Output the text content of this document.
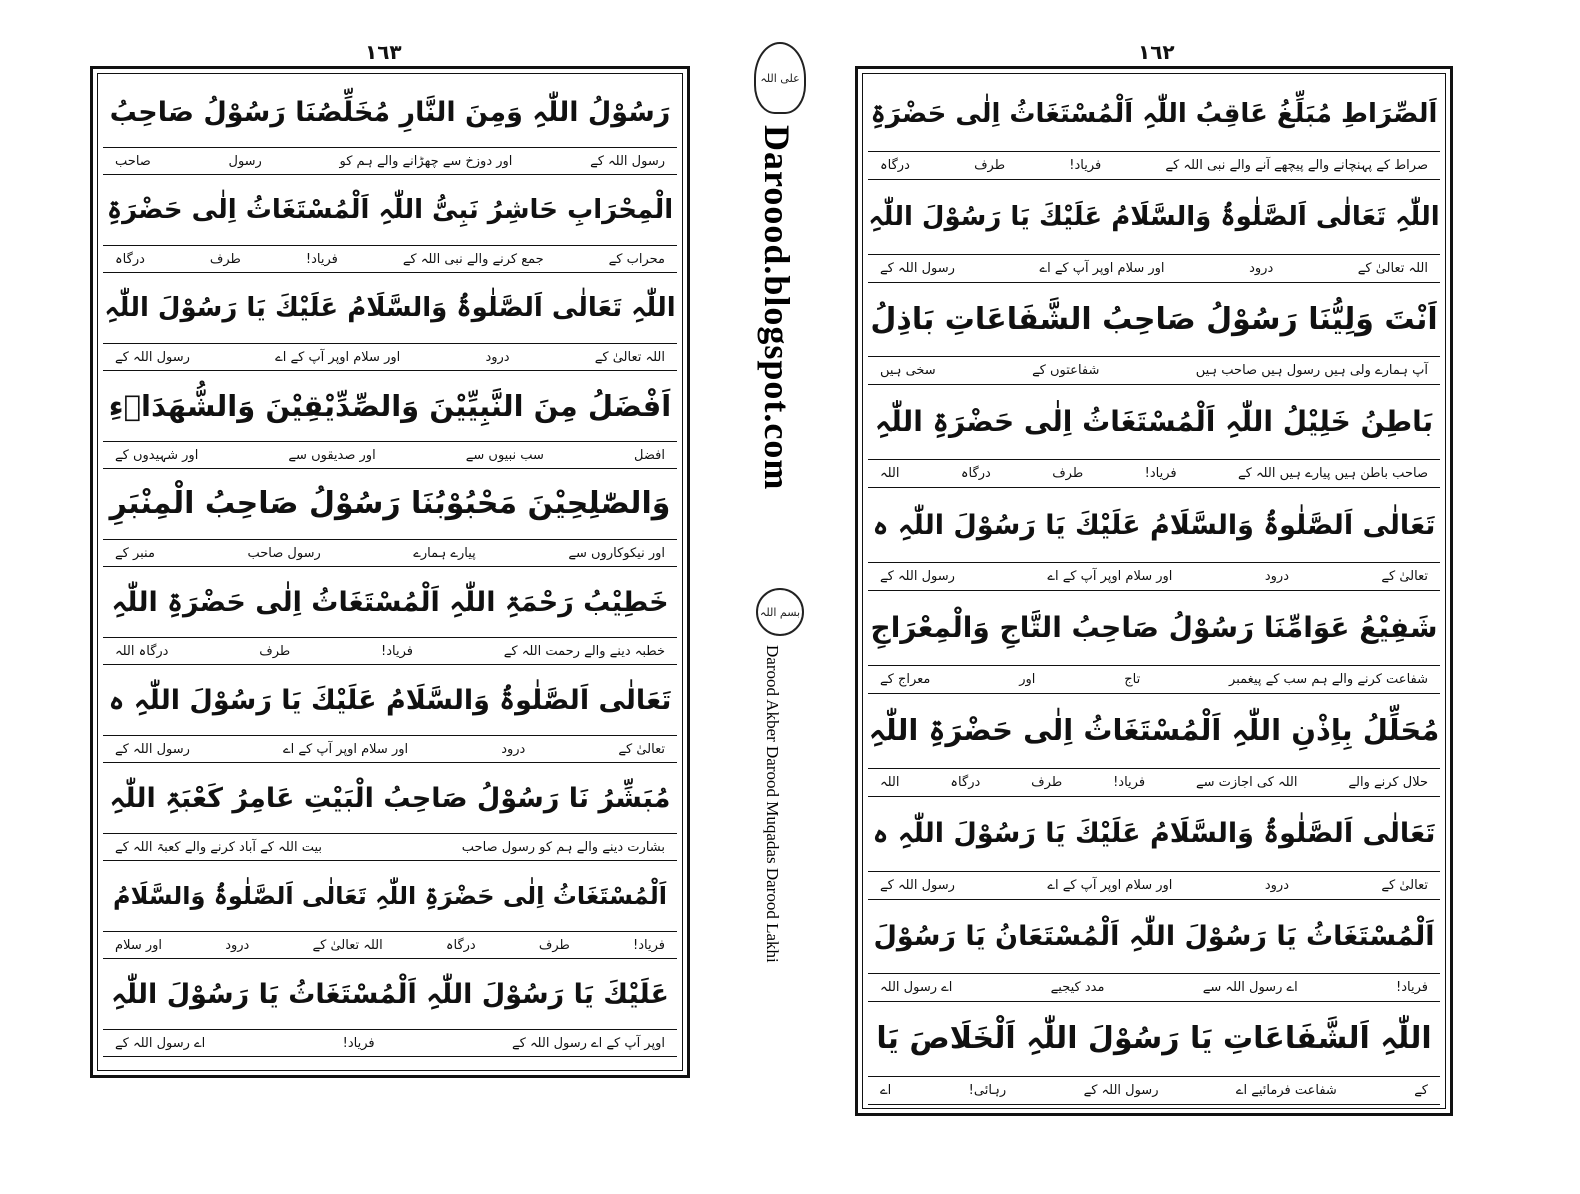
١٦٣
رَسُوْلُ اللّٰہِ وَمِنَ النَّارِ مُخَلِّصُنَا رَسُوْلُ صَاحِبُ
رسول اللہ کے
اور دوزخ سے چھڑانے والے ہم کو
رسول
صاحب
الْمِحْرَابِ حَاشِرُ نَبِیُّ اللّٰہِ اَلْمُسْتَغَاثُ اِلٰی حَضْرَۃِ
محراب کے
جمع کرنے والے نبی اللہ کے
فریاد!
طرف
درگاہ
اللّٰہِ تَعَالٰی اَلصَّلٰوۃُ وَالسَّلَامُ عَلَیْكَ یَا رَسُوْلَ اللّٰہِ
اللہ تعالیٰ کے
درود
اور سلام اوپر آپ کے اے
رسول اللہ کے
اَفْضَلُ مِنَ النَّبِیِّیْنَ وَالصِّدِّیْقِیْنَ وَالشُّهَدَاۗءِ
افضل
سب نبیوں سے
اور صدیقوں سے
اور شہیدوں کے
وَالصّٰلِحِیْنَ مَحْبُوْبُنَا رَسُوْلُ صَاحِبُ الْمِنْبَرِ
اور نیکوکاروں سے
پیارے ہمارے
رسول صاحب
منبر کے
خَطِیْبُ رَحْمَۃِ اللّٰہِ اَلْمُسْتَغَاثُ اِلٰی حَضْرَۃِ اللّٰہِ
خطبہ دینے والے رحمت اللہ کے
فریاد!
طرف
درگاہ اللہ
تَعَالٰی اَلصَّلٰوۃُ وَالسَّلَامُ عَلَیْكَ یَا رَسُوْلَ اللّٰہِ ہ
تعالیٰ کے
درود
اور سلام اوپر آپ کے اے
رسول اللہ کے
مُبَشِّرُ نَا رَسُوْلُ صَاحِبُ الْبَیْتِ عَامِرُ كَعْبَۃِ اللّٰہِ
بشارت دینے والے ہم کو رسول صاحب
بیت اللہ کے آباد کرنے والے کعبۃ اللہ کے
اَلْمُسْتَغَاثُ اِلٰی حَضْرَۃِ اللّٰہِ تَعَالٰی اَلصَّلٰوۃُ وَالسَّلَامُ
فریاد!
طرف
درگاہ
اللہ تعالیٰ کے
درود
اور سلام
عَلَیْكَ یَا رَسُوْلَ اللّٰہِ اَلْمُسْتَغَاثُ یَا رَسُوْلَ اللّٰہِ
اوپر آپ کے اے رسول اللہ کے
فریاد!
اے رسول اللہ کے
١٦٢
اَلصِّرَاطِ مُبَلِّغُ عَاقِبُ اللّٰہِ اَلْمُسْتَغَاثُ اِلٰی حَضْرَۃِ
صراط کے پہنچانے والے پیچھے آنے والے نبی اللہ کے
فریاد!
طرف
درگاہ
اللّٰہِ تَعَالٰی اَلصَّلٰوۃُ وَالسَّلَامُ عَلَیْكَ یَا رَسُوْلَ اللّٰہِ
اللہ تعالیٰ کے
درود
اور سلام اوپر آپ کے اے
رسول اللہ کے
اَنْتَ وَلِیُّنَا رَسُوْلُ صَاحِبُ الشَّفَاعَاتِ بَاذِلُ
آپ ہمارے ولی ہیں رسول ہیں صاحب ہیں
شفاعتوں کے
سخی ہیں
بَاطِنُ خَلِیْلُ اللّٰہِ اَلْمُسْتَغَاثُ اِلٰی حَضْرَۃِ اللّٰہِ
صاحب باطن ہیں پیارے ہیں اللہ کے
فریاد!
طرف
درگاہ
اللہ
تَعَالٰی اَلصَّلٰوۃُ وَالسَّلَامُ عَلَیْكَ یَا رَسُوْلَ اللّٰہِ ہ
تعالیٰ کے
درود
اور سلام اوپر آپ کے اے
رسول اللہ کے
شَفِیْعُ عَوَامِّنَا رَسُوْلُ صَاحِبُ التَّاجِ وَالْمِعْرَاجِ
شفاعت کرنے والے ہم سب کے پیغمبر
تاج
اور
معراج کے
مُحَلِّلُ بِاِذْنِ اللّٰہِ اَلْمُسْتَغَاثُ اِلٰی حَضْرَۃِ اللّٰہِ
حلال کرنے والے
اللہ کی اجازت سے
فریاد!
طرف
درگاہ
اللہ
تَعَالٰی اَلصَّلٰوۃُ وَالسَّلَامُ عَلَیْكَ یَا رَسُوْلَ اللّٰہِ ہ
تعالیٰ کے
درود
اور سلام اوپر آپ کے اے
رسول اللہ کے
اَلْمُسْتَغَاثُ یَا رَسُوْلَ اللّٰہِ اَلْمُسْتَعَانُ یَا رَسُوْلَ
فریاد!
اے رسول اللہ سے
مدد کیجیے
اے رسول اللہ
اللّٰہِ اَلشَّفَاعَاتِ یَا رَسُوْلَ اللّٰہِ اَلْخَلَاصَ یَا
کے
شفاعت فرمائیے اے
رسول اللہ کے
رہائی!
اے
علی اللہ
Daroood.blogspot.com
بسم اللہ
Darood Akber Darood Muqadas Darood Lakhi
